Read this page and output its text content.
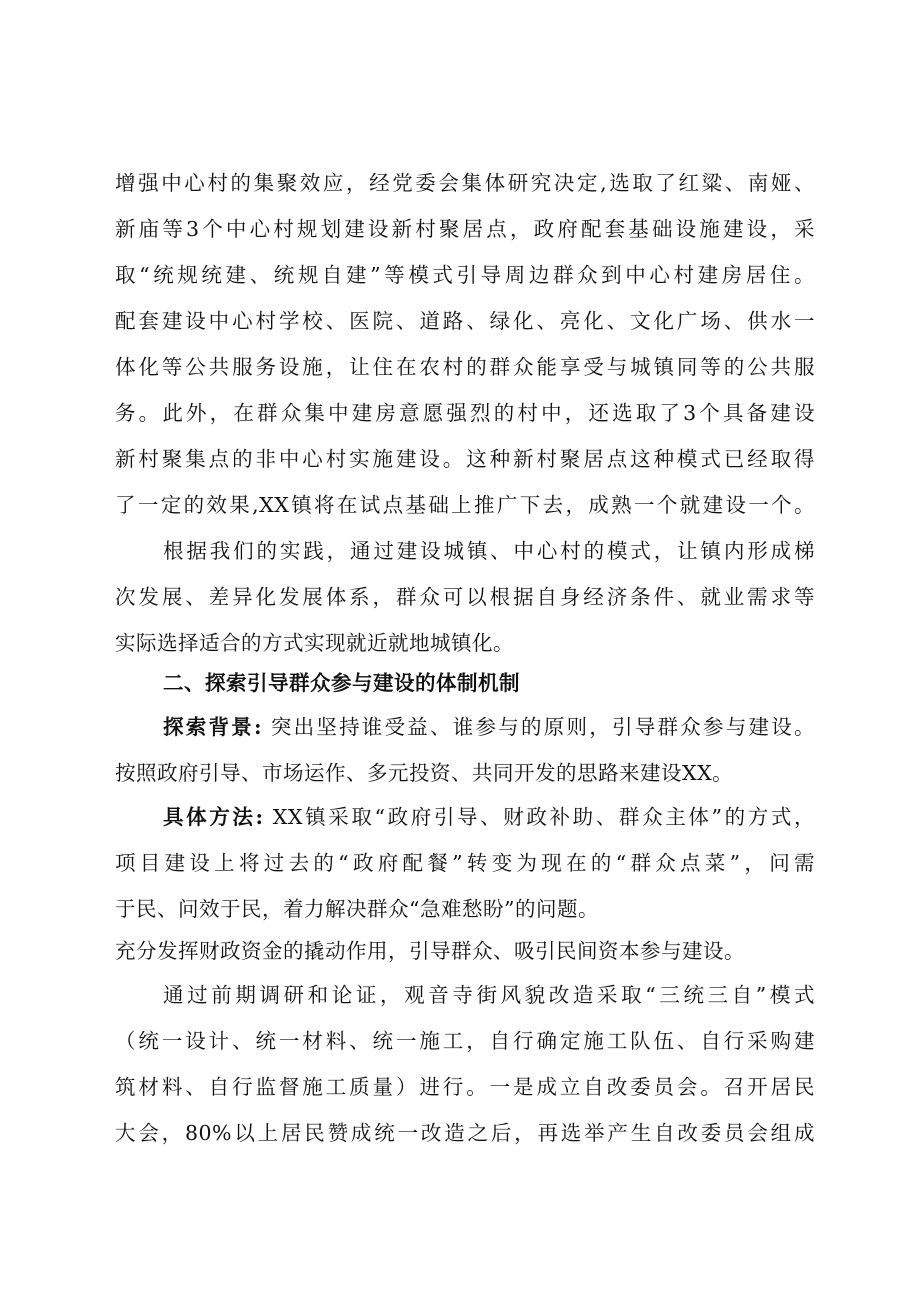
增强中心村的集聚效应，经党委会集体研究决定,选取了红粱、南娅、
新庙等3个中心村规划建设新村聚居点，政府配套基础设施建设，采
取“统规统建、统规自建”等模式引导周边群众到中心村建房居住。
配套建设中心村学校、医院、道路、绿化、亮化、文化广场、供水一
体化等公共服务设施，让住在农村的群众能享受与城镇同等的公共服
务。此外，在群众集中建房意愿强烈的村中，还选取了3个具备建设
新村聚集点的非中心村实施建设。这种新村聚居点这种模式已经取得
了一定的效果,XX镇将在试点基础上推广下去，成熟一个就建设一个。
根据我们的实践，通过建设城镇、中心村的模式，让镇内形成梯
次发展、差异化发展体系，群众可以根据自身经济条件、就业需求等
实际选择适合的方式实现就近就地城镇化。
二、探索引导群众参与建设的体制机制
探索背景: 突出坚持谁受益、谁参与的原则，引导群众参与建设。
按照政府引导、市场运作、多元投资、共同开发的思路来建设XX。
具体方法: XX镇采取“政府引导、财政补助、群众主体”的方式，
项目建设上将过去的“政府配餐”转变为现在的“群众点菜”，问需
于民、问效于民，着力解决群众“急难愁盼”的问题。
充分发挥财政资金的撬动作用，引导群众、吸引民间资本参与建设。
通过前期调研和论证，观音寺街风貌改造采取“三统三自”模式
（统一设计、统一材料、统一施工，自行确定施工队伍、自行采购建
筑材料、自行监督施工质量）进行。一是成立自改委员会。召开居民
大会，80%以上居民赞成统一改造之后，再选举产生自改委员会组成
